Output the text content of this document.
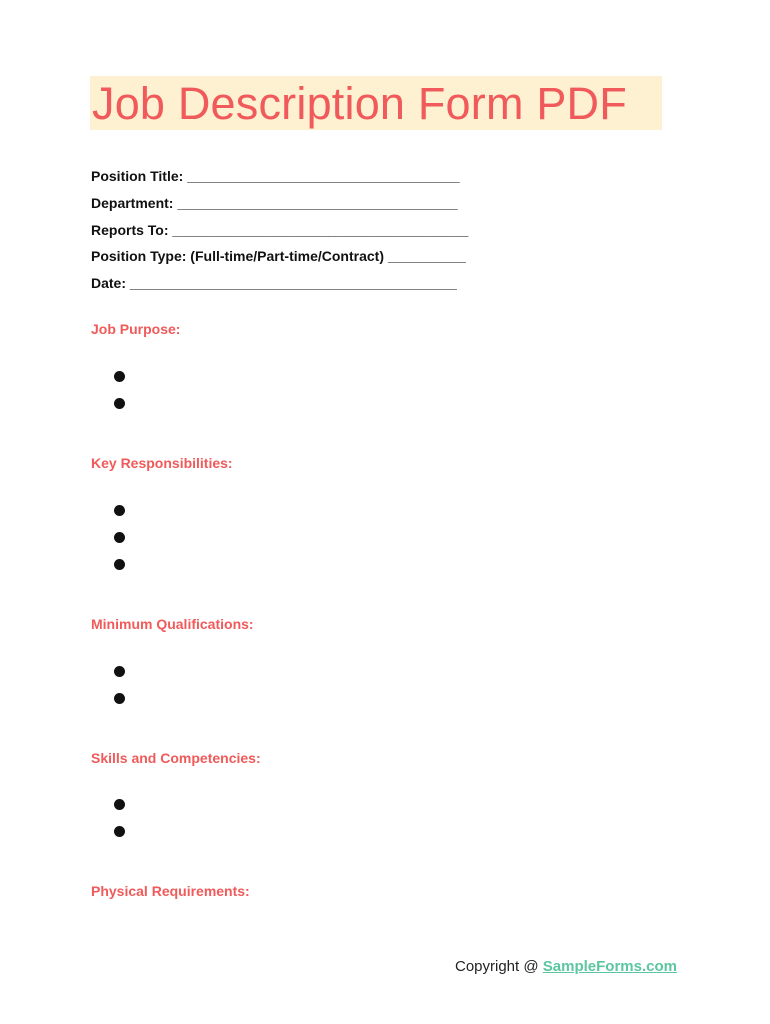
Job Description Form PDF
Position Title: ___________________________________
Department: ____________________________________
Reports To: ______________________________________
Position Type: (Full-time/Part-time/Contract) __________
Date: __________________________________________
Job Purpose:
Key Responsibilities:
Minimum Qualifications:
Skills and Competencies:
Physical Requirements:
Copyright @ SampleForms.com
